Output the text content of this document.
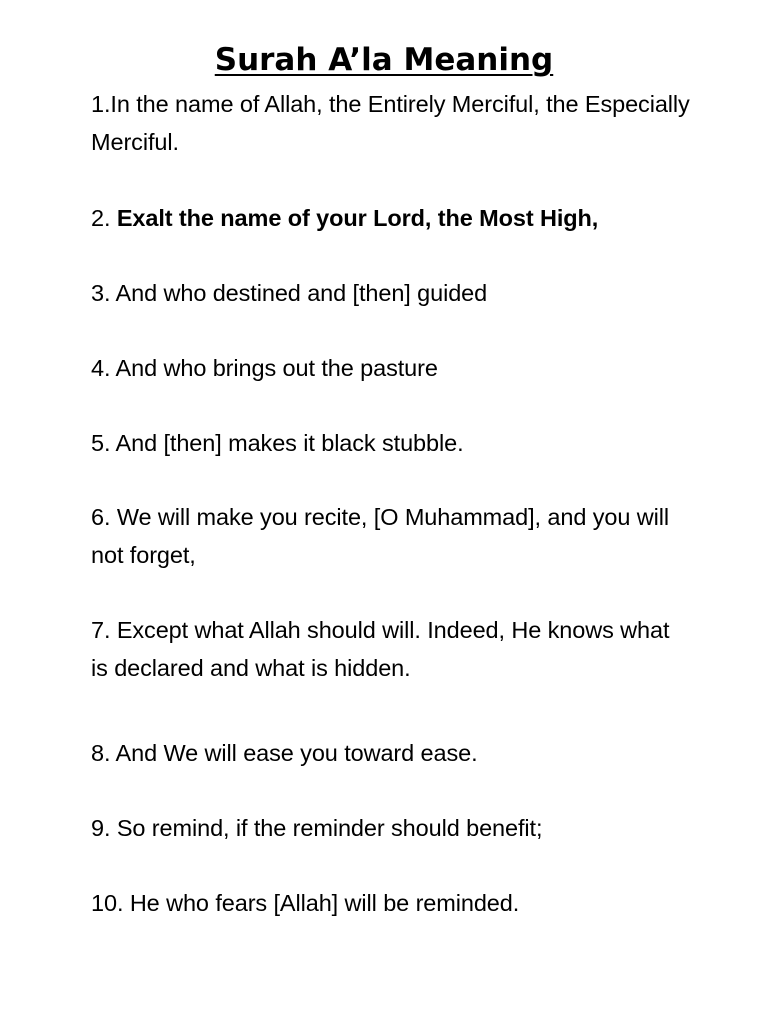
Surah A’la Meaning

1.In the name of Allah, the Entirely Merciful, the Especially Merciful.

2. Exalt the name of your Lord, the Most High,

3. And who destined and [then] guided

4. And who brings out the pasture

5. And [then] makes it black stubble.

6. We will make you recite, [O Muhammad], and you will not forget,

7. Except what Allah should will. Indeed, He knows what is declared and what is hidden.

8. And We will ease you toward ease.

9. So remind, if the reminder should benefit;

10. He who fears [Allah] will be reminded.
